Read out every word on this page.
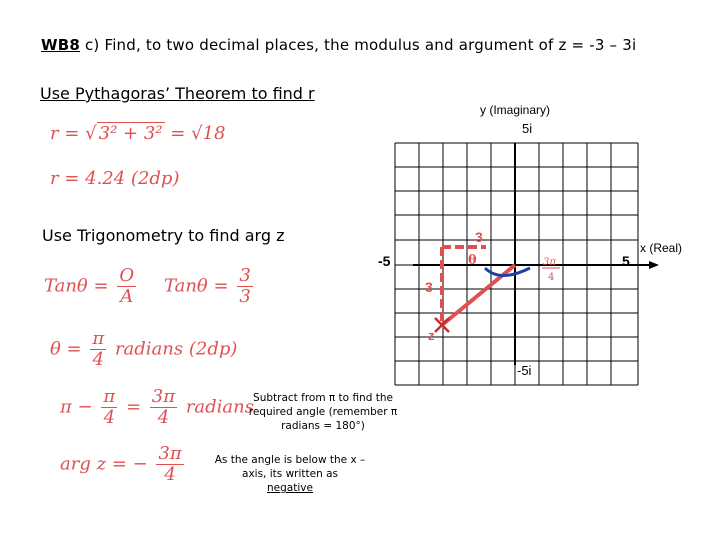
WB8 c) Find, to two decimal places, the modulus and argument of z = -3 – 3i
Use Pythagoras’ Theorem to find r
r = √ 3² + 3² = √18
r = 4.24 (2dp)
Use Trigonometry to find arg z
$Tan\theta = \frac{O}{A}$ $Tan\theta = \frac{3}{3}$
$\theta = \frac{\pi}{4}$ radians (2dp)
$\pi - \frac{\pi}{4} = \frac{3\pi}{4}$ radians
arg z = − $\frac{3\pi}{4}$
Subtract from π to find the required angle (remember π radians = 180°)
As the angle is below the x –axis, its written as
negative
y (Imaginary)
5i
-5i
-5	5
x (Real)
3
3
θ
z
3π
4
